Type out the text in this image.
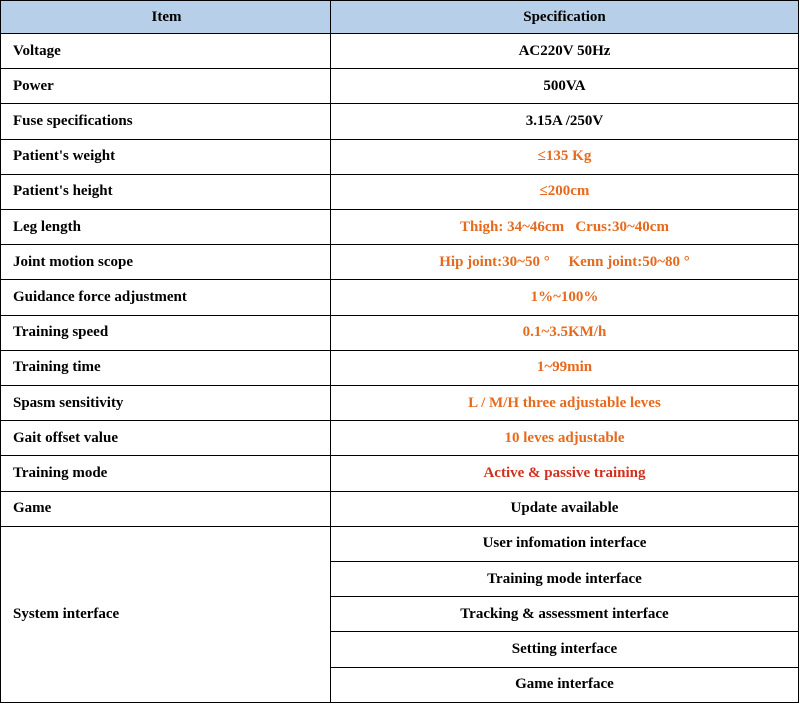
Item	Specification
Voltage	AC220V 50Hz
Power	500VA
Fuse specifications	3.15A /250V
Patient's weight	≤135 Kg
Patient's height	≤200cm
Leg length	Thigh: 34~46cm   Crus:30~40cm
Joint motion scope	Hip joint:30~50 °     Kenn joint:50~80 °
Guidance force adjustment	1%~100%
Training speed	0.1~3.5KM/h
Training time	1~99min
Spasm sensitivity	L / M/H three adjustable leves
Gait offset value	10 leves adjustable
Training mode	Active & passive training
Game	Update available
System interface	User infomation interface
	Training mode interface
	Tracking & assessment interface
	Setting interface
	Game interface
